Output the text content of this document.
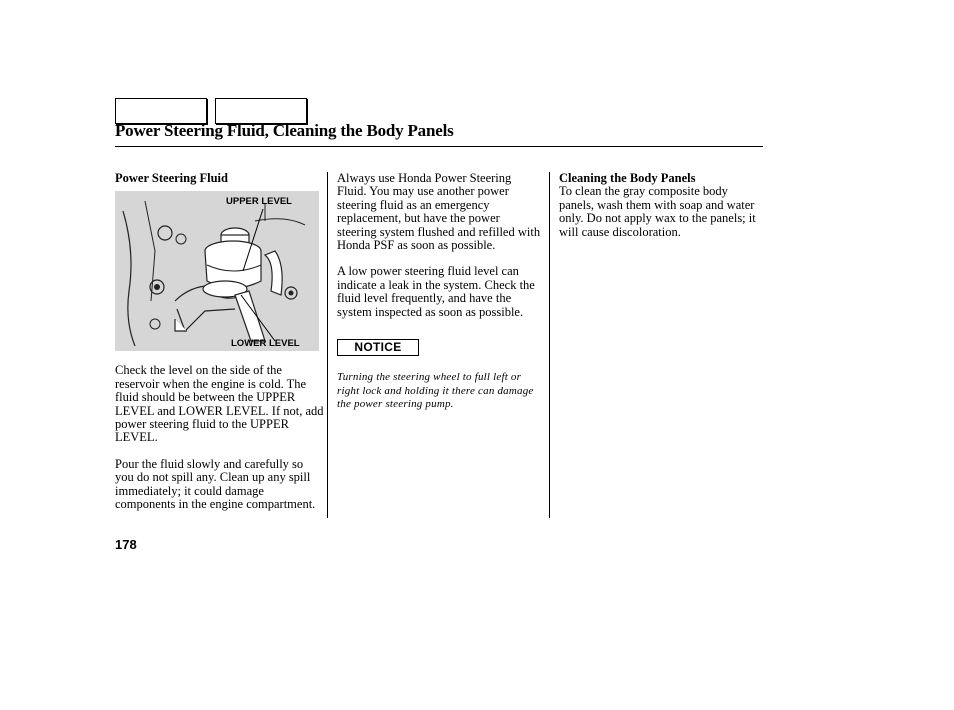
Power Steering Fluid, Cleaning the Body Panels

Power Steering Fluid

UPPER LEVEL
LOWER LEVEL

Check the level on the side of the reservoir when the engine is cold. The fluid should be between the UPPER LEVEL and LOWER LEVEL. If not, add power steering fluid to the UPPER LEVEL.

Pour the fluid slowly and carefully so you do not spill any. Clean up any spill immediately; it could damage components in the engine compartment.

Always use Honda Power Steering Fluid. You may use another power steering fluid as an emergency replacement, but have the power steering system flushed and refilled with Honda PSF as soon as possible.

A low power steering fluid level can indicate a leak in the system. Check the fluid level frequently, and have the system inspected as soon as possible.

NOTICE

Turning the steering wheel to full left or right lock and holding it there can damage the power steering pump.

Cleaning the Body Panels

To clean the gray composite body panels, wash them with soap and water only. Do not apply wax to the panels; it will cause discoloration.

178
